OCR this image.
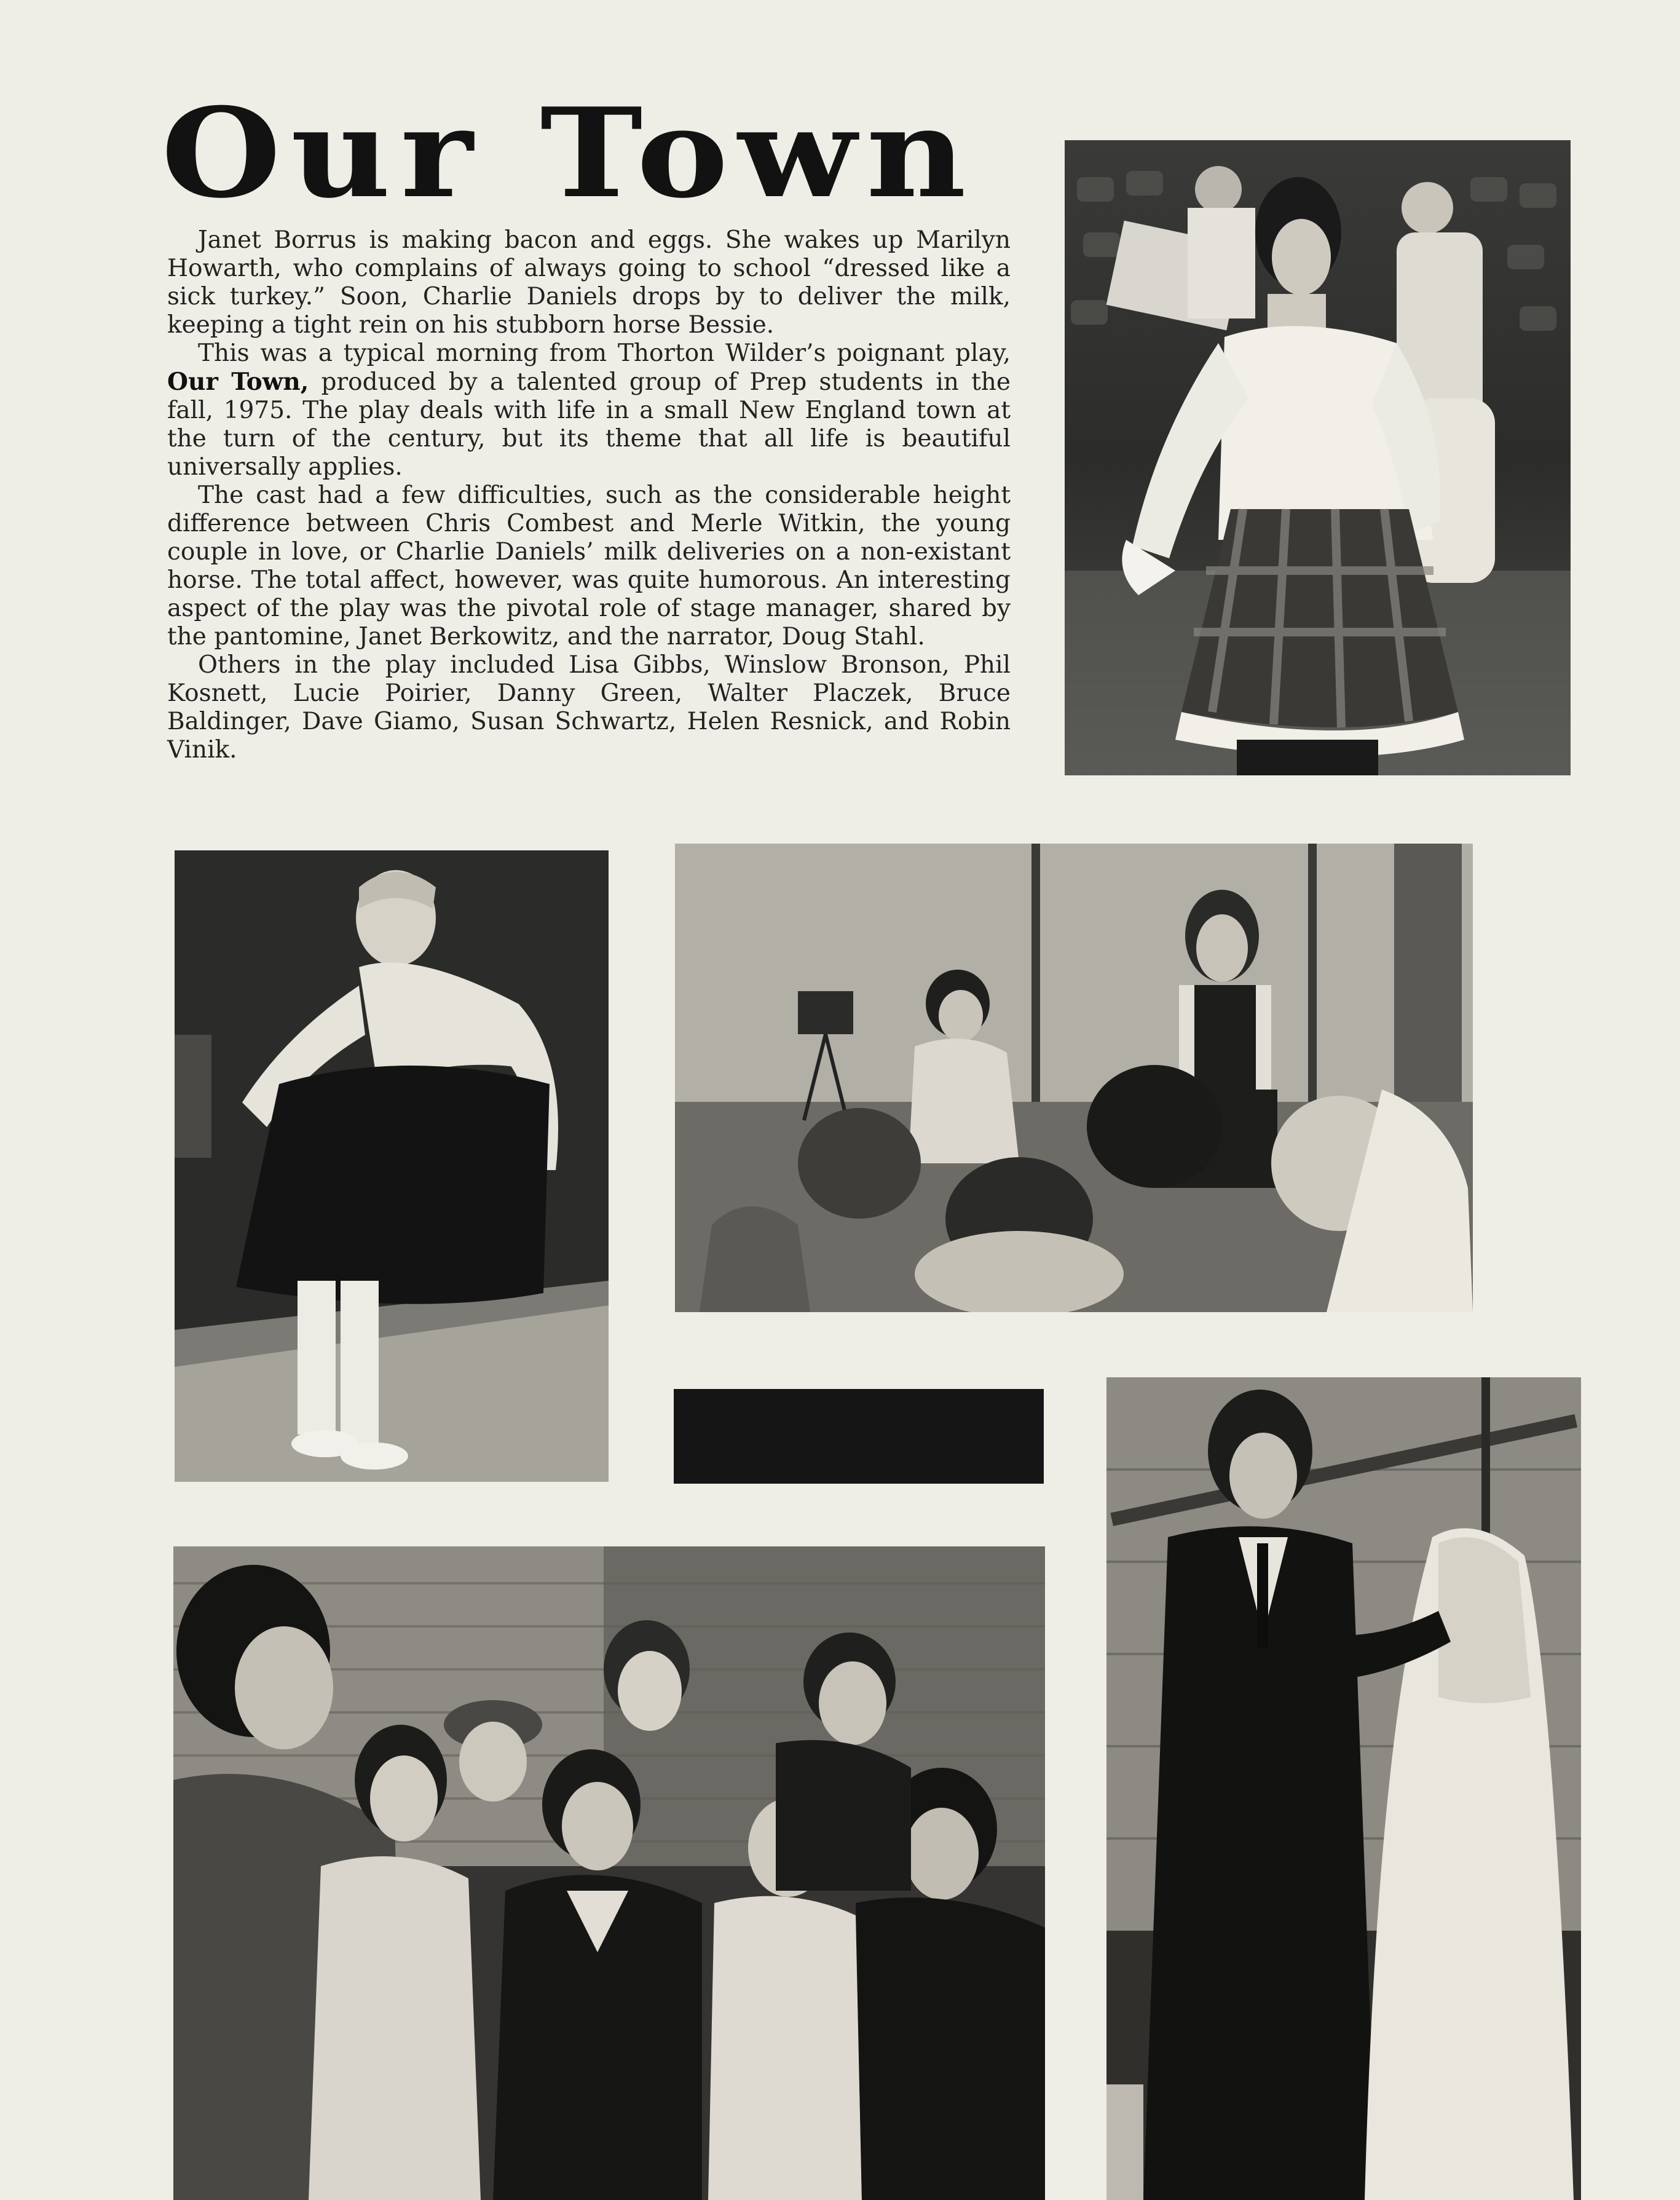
Our Town

Janet Borrus is making bacon and eggs. She wakes up Marilyn Howarth, who complains of always going to school “dressed like a sick turkey.” Soon, Charlie Daniels drops by to deliver the milk, keeping a tight rein on his stubborn horse Bessie.

This was a typical morning from Thorton Wilder’s poignant play, Our Town, produced by a talented group of Prep students in the fall, 1975. The play deals with life in a small New England town at the turn of the century, but its theme that all life is beautiful universally applies.

The cast had a few difficulties, such as the considerable height difference between Chris Combest and Merle Witkin, the young couple in love, or Charlie Daniels’ milk deliveries on a non-existant horse. The total affect, however, was quite humorous. An interesting aspect of the play was the pivotal role of stage manager, shared by the pantomine, Janet Berkowitz, and the narrator, Doug Stahl.

Others in the play included Lisa Gibbs, Winslow Bronson, Phil Kosnett, Lucie Poirier, Danny Green, Walter Placzek, Bruce Baldinger, Dave Giamo, Susan Schwartz, Helen Resnick, and Robin Vinik.
